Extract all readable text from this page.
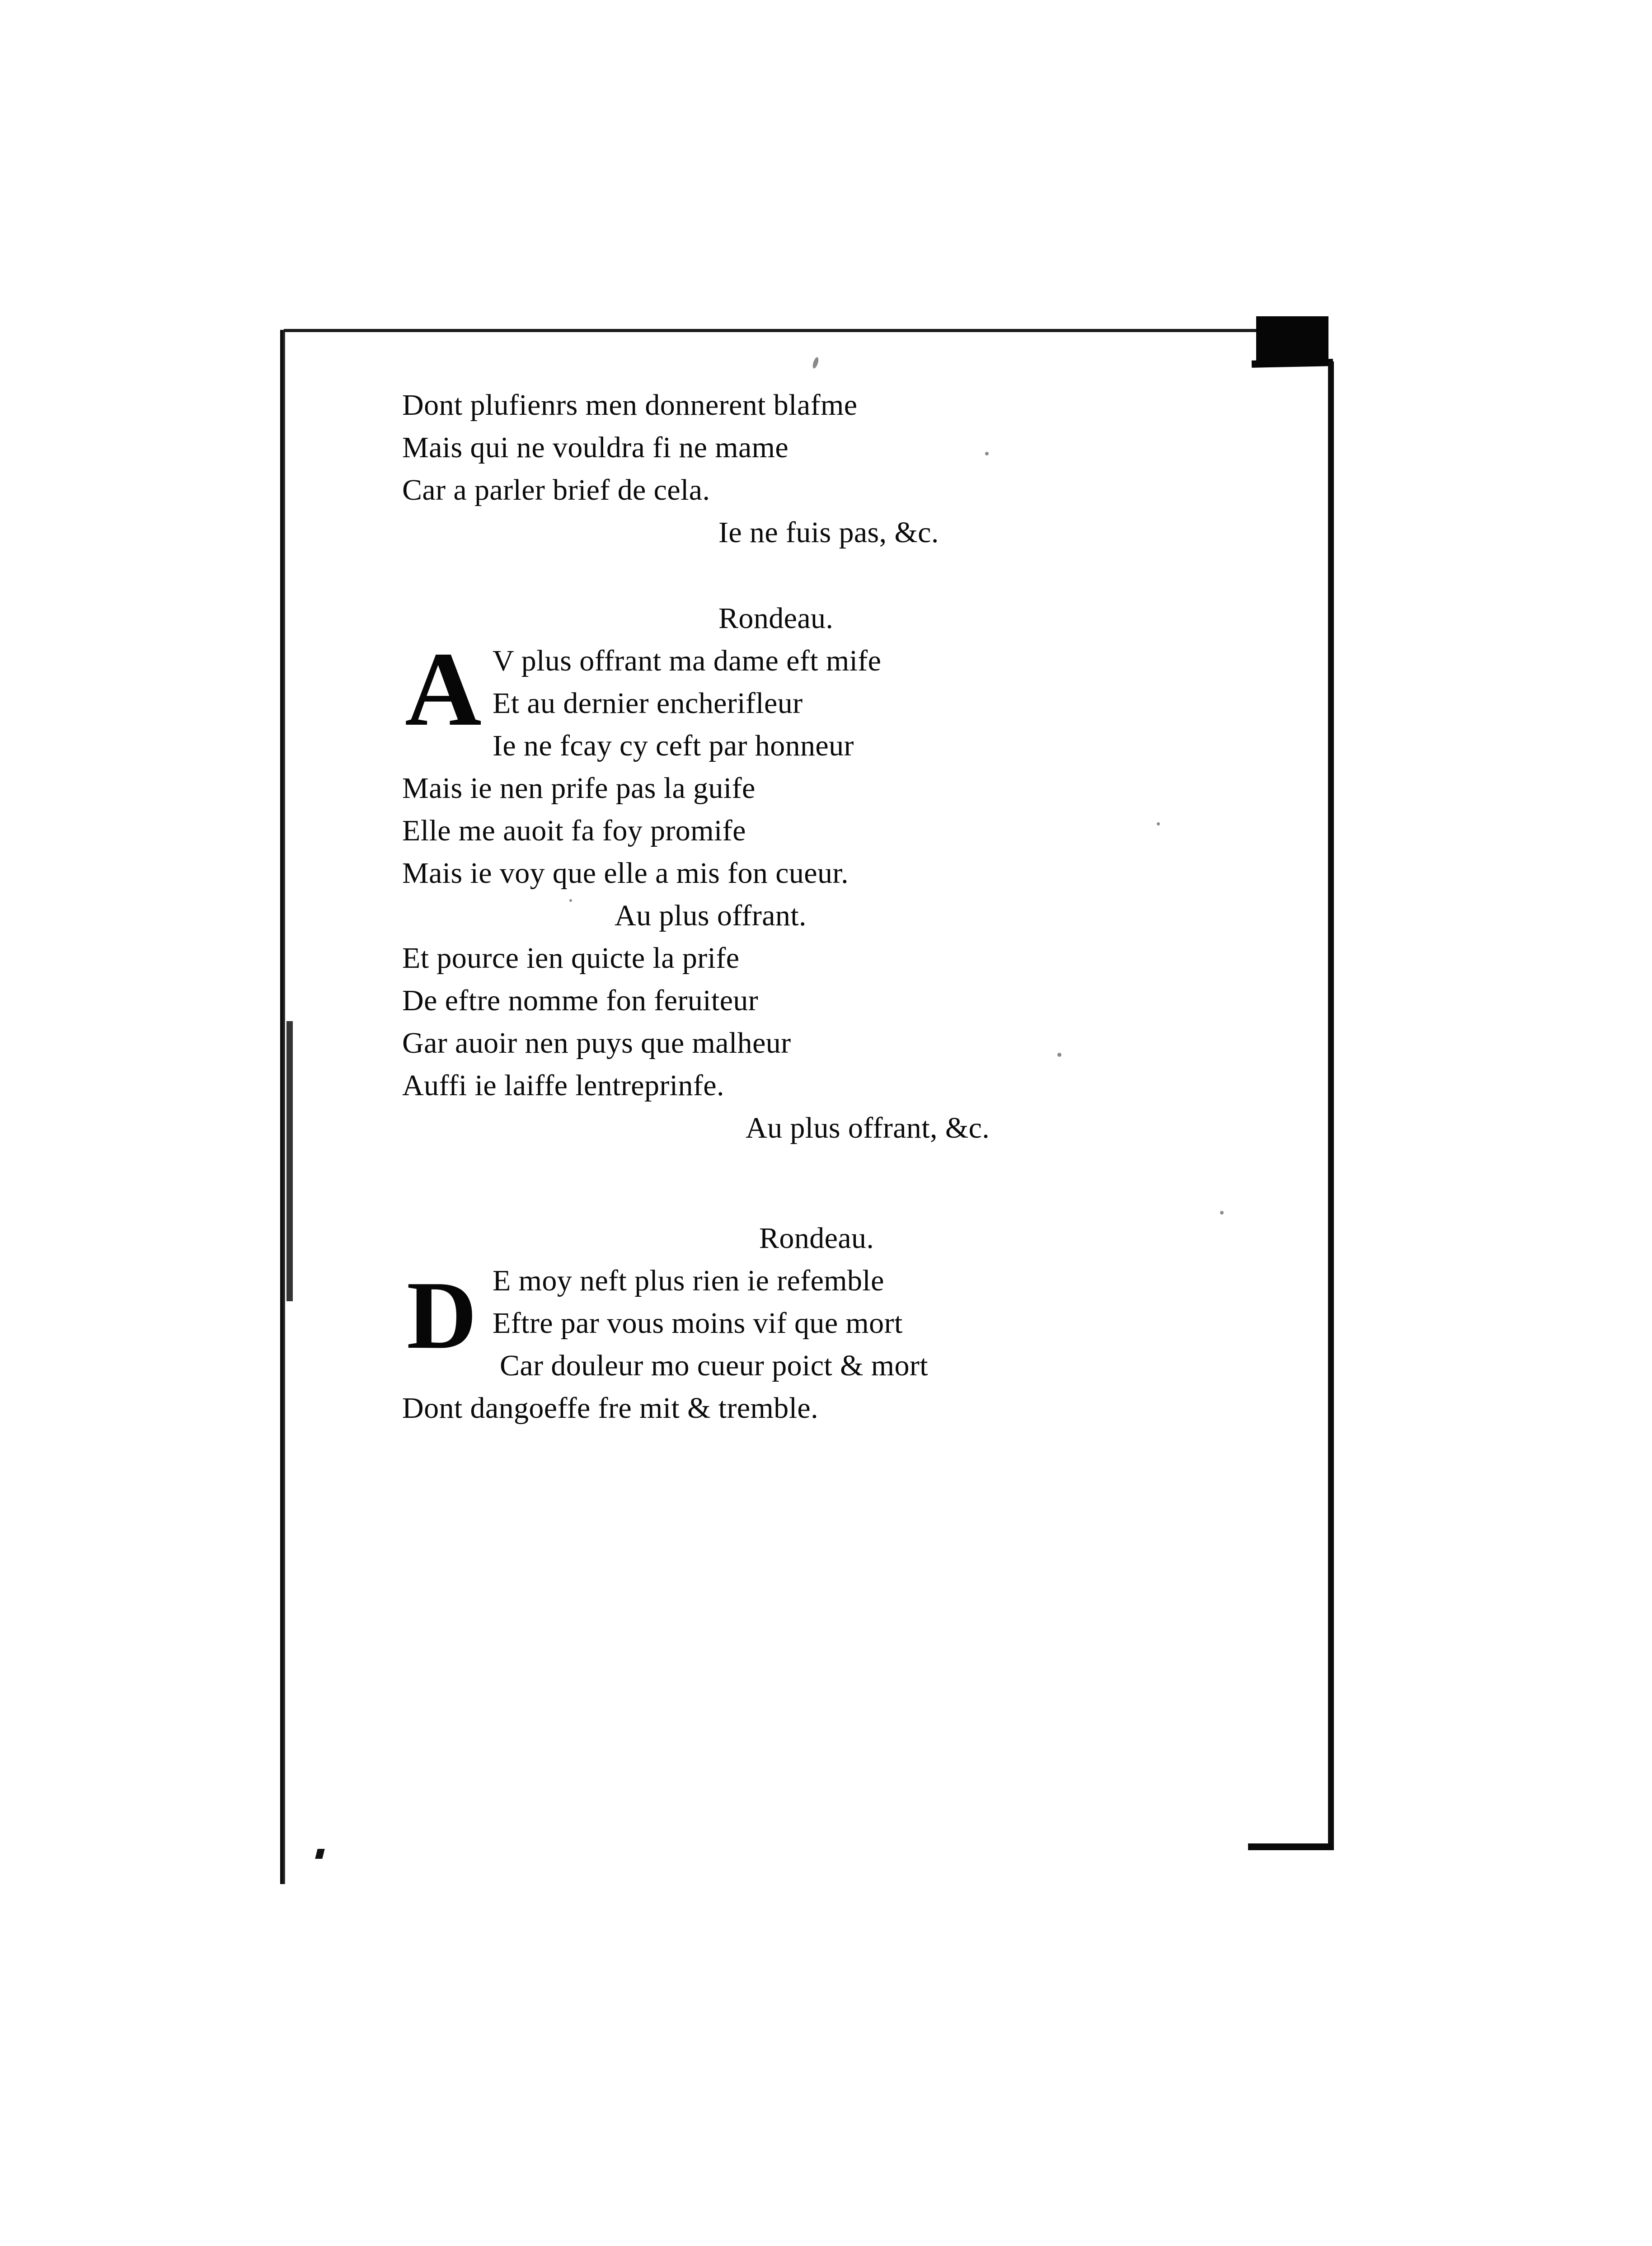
Dont plufienrs men donnerent blafme
Mais qui ne vouldra fi ne mame
Car a parler brief de cela.
Ie ne fuis pas, &c.
Rondeau.
A V plus offrant ma dame eft mife
Et au dernier encherifleur
Ie ne fcay cy ceft par honneur
Mais ie nen prife pas la guife
Elle me auoit fa foy promife
Mais ie voy que elle a mis fon cueur.
Au plus offrant.
Et pource ien quicte la prife
De eftre nomme fon feruiteur
Gar auoir nen puys que malheur
Auffi ie laiffe lentreprinfe.
Au plus offrant, &c.
Rondeau.
D E moy neft plus rien ie refemble
Eftre par vous moins vif que mort
Car douleur mo cueur poict & mort
Dont dangoeffe fre mit & tremble.
